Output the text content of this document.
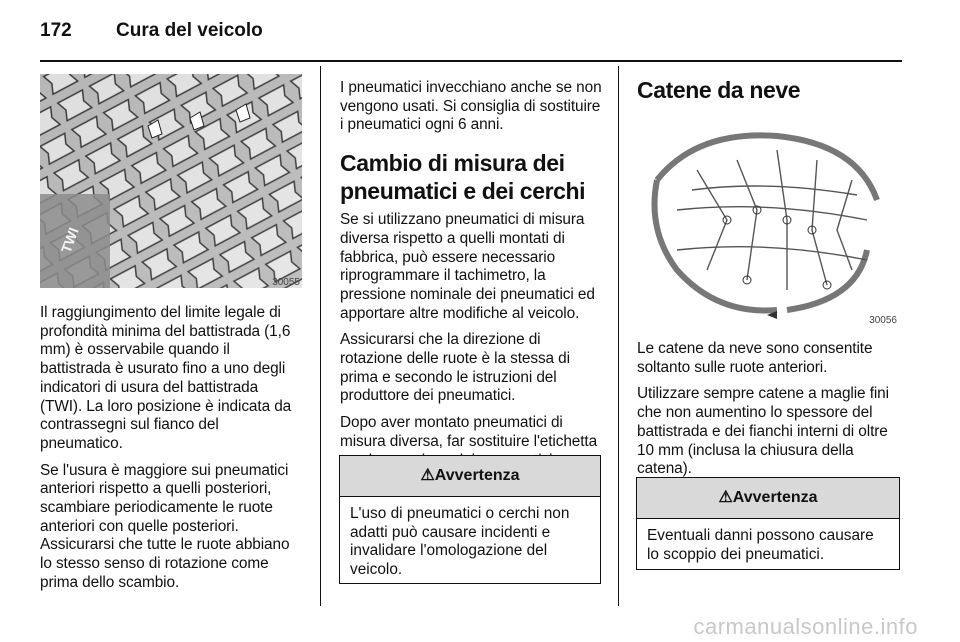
172 Cura del veicolo
TWI
30055

Il raggiungimento del limite legale di profondità minima del battistrada (1,6 mm) è osservabile quando il battistrada è usurato fino a uno degli indicatori di usura del battistrada (TWI). La loro posizione è indicata da contrassegni sul fianco del pneumatico.

Se l'usura è maggiore sui pneumatici anteriori rispetto a quelli posteriori, scambiare periodicamente le ruote anteriori con quelle posteriori. Assicurarsi che tutte le ruote abbiano lo stesso senso di rotazione come prima dello scambio.

I pneumatici invecchiano anche se non vengono usati. Si consiglia di sostituire i pneumatici ogni 6 anni.

Cambio di misura dei pneumatici e dei cerchi

Se si utilizzano pneumatici di misura diversa rispetto a quelli montati di fabbrica, può essere necessario riprogrammare il tachimetro, la pressione nominale dei pneumatici ed apportare altre modifiche al veicolo.

Assicurarsi che la direzione di rotazione delle ruote è la stessa di prima e secondo le istruzioni del produttore dei pneumatici.

Dopo aver montato pneumatici di misura diversa, far sostituire l'etichetta

⚠Avvertenza
L'uso di pneumatici o cerchi non adatti può causare incidenti e invalidare l'omologazione del veicolo.
Catene da neve
30056

Le catene da neve sono consentite soltanto sulle ruote anteriori.

Utilizzare sempre catene a maglie fini che non aumentino lo spessore del battistrada e dei fianchi interni di oltre 10 mm (inclusa la chiusura della catena).

⚠Avvertenza
Eventuali danni possono causare lo scoppio dei pneumatici.
carmanualsonline.info
